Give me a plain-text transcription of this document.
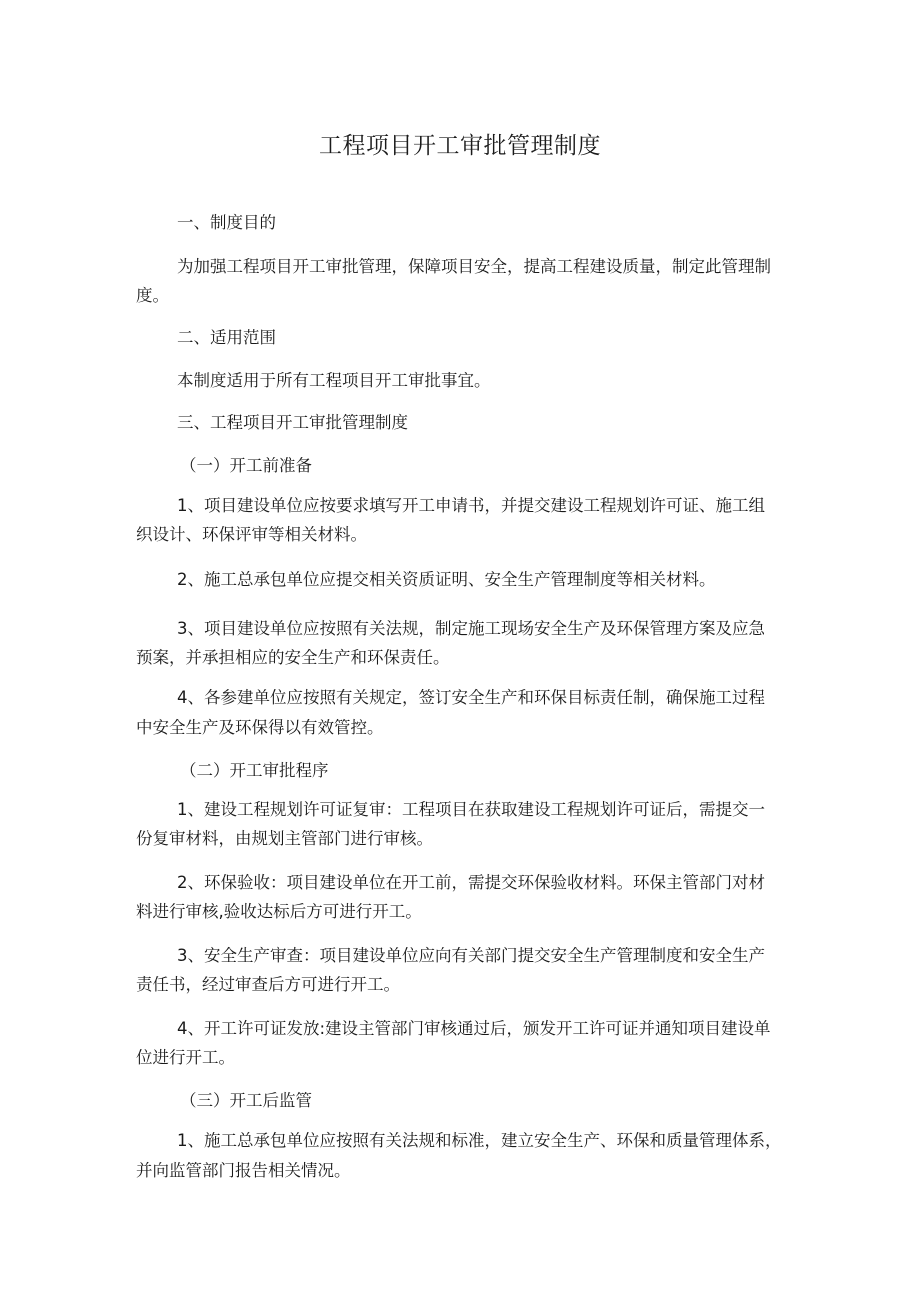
工程项目开工审批管理制度

一、制度目的

为加强工程项目开工审批管理，保障项目安全，提高工程建设质量，制定此管理制

度。

二、适用范围

本制度适用于所有工程项目开工审批事宜。

三、工程项目开工审批管理制度

（一）开工前准备

1、项目建设单位应按要求填写开工申请书，并提交建设工程规划许可证、施工组

织设计、环保评审等相关材料。

2、施工总承包单位应提交相关资质证明、安全生产管理制度等相关材料。

3、项目建设单位应按照有关法规，制定施工现场安全生产及环保管理方案及应急

预案，并承担相应的安全生产和环保责任。

4、各参建单位应按照有关规定，签订安全生产和环保目标责任制，确保施工过程

中安全生产及环保得以有效管控。

（二）开工审批程序

1、建设工程规划许可证复审：工程项目在获取建设工程规划许可证后，需提交一

份复审材料，由规划主管部门进行审核。

2、环保验收：项目建设单位在开工前，需提交环保验收材料。环保主管部门对材

料进行审核,验收达标后方可进行开工。

3、安全生产审查：项目建设单位应向有关部门提交安全生产管理制度和安全生产

责任书，经过审查后方可进行开工。

4、开工许可证发放:建设主管部门审核通过后，颁发开工许可证并通知项目建设单

位进行开工。

（三）开工后监管

1、施工总承包单位应按照有关法规和标准，建立安全生产、环保和质量管理体系，

并向监管部门报告相关情况。
